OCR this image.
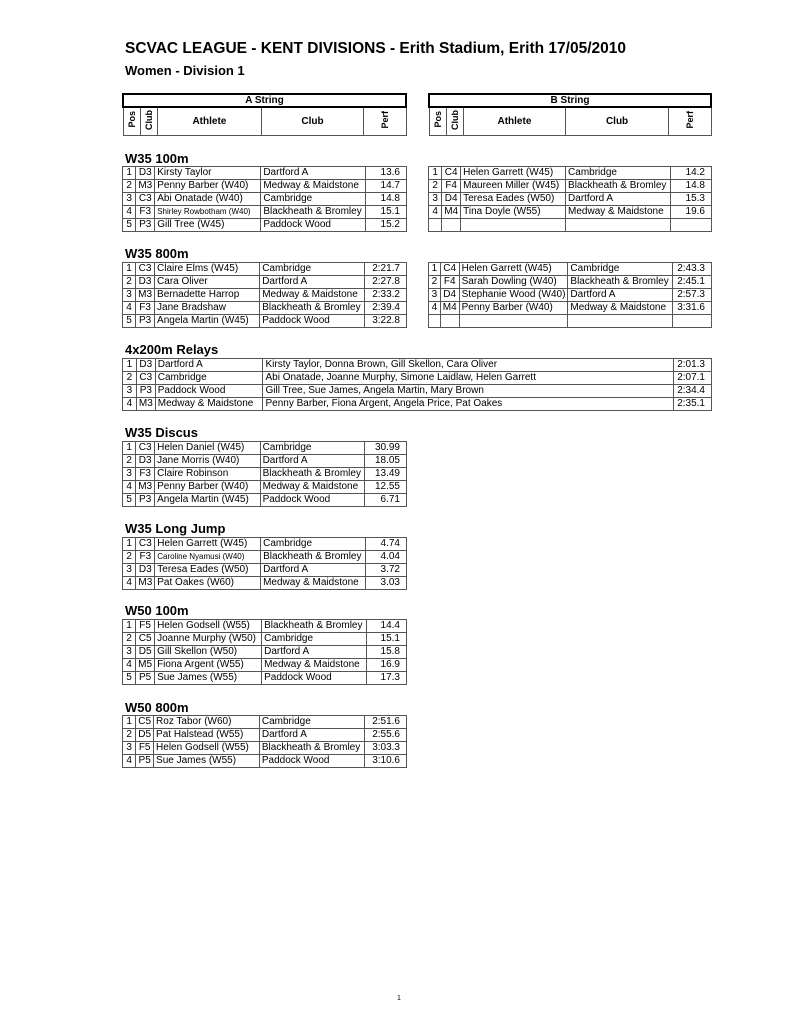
SCVAC LEAGUE - KENT DIVISIONS - Erith Stadium, Erith 17/05/2010
Women - Division 1
A String
Pos	Club	Athlete	Club	Perf
B String
Pos	Club	Athlete	Club	Perf
W35 100m
W35 800m
4x200m Relays
W35 Discus
W35 Long Jump
W50 100m
W50 800m
1	D3	Kirsty Taylor	Dartford A	13.6
2	M3	Penny Barber (W40)	Medway & Maidstone	14.7
3	C3	Abi Onatade (W40)	Cambridge	14.8
4	F3	Shirley Rowbotham (W40)	Blackheath & Bromley	15.1
5	P3	Gill Tree (W45)	Paddock Wood	15.2
1	C4	Helen Garrett (W45)	Cambridge	14.2
2	F4	Maureen Miller (W45)	Blackheath & Bromley	14.8
3	D4	Teresa Eades (W50)	Dartford A	15.3
4	M4	Tina Doyle (W55)	Medway & Maidstone	19.6

1	C3	Claire Elms (W45)	Cambridge	2:21.7
2	D3	Cara Oliver	Dartford A	2:27.8
3	M3	Bernadette Harrop	Medway & Maidstone	2:33.2
4	F3	Jane Bradshaw	Blackheath & Bromley	2:39.4
5	P3	Angela Martin (W45)	Paddock Wood	3:22.8
1	C4	Helen Garrett (W45)	Cambridge	2:43.3
2	F4	Sarah Dowling (W40)	Blackheath & Bromley	2:45.1
3	D4	Stephanie Wood (W40)	Dartford A	2:57.3
4	M4	Penny Barber (W40)	Medway & Maidstone	3:31.6

1	D3	Dartford A	Kirsty Taylor, Donna Brown, Gill Skellon, Cara Oliver	2:01.3
2	C3	Cambridge	Abi Onatade, Joanne Murphy, Simone Laidlaw, Helen Garrett	2:07.1
3	P3	Paddock Wood	Gill Tree, Sue James, Angela Martin, Mary Brown	2:34.4
4	M3	Medway & Maidstone	Penny Barber, Fiona Argent, Angela Price, Pat Oakes	2:35.1
1	C3	Helen Daniel (W45)	Cambridge	30.99
2	D3	Jane Morris (W40)	Dartford A	18.05
3	F3	Claire Robinson	Blackheath & Bromley	13.49
4	M3	Penny Barber (W40)	Medway & Maidstone	12.55
5	P3	Angela Martin (W45)	Paddock Wood	6.71
1	C3	Helen Garrett (W45)	Cambridge	4.74
2	F3	Caroline Nyamusi (W40)	Blackheath & Bromley	4.04
3	D3	Teresa Eades (W50)	Dartford A	3.72
4	M3	Pat Oakes (W60)	Medway & Maidstone	3.03
1	F5	Helen Godsell (W55)	Blackheath & Bromley	14.4
2	C5	Joanne Murphy (W50)	Cambridge	15.1
3	D5	Gill Skellon (W50)	Dartford A	15.8
4	M5	Fiona Argent (W55)	Medway & Maidstone	16.9
5	P5	Sue James (W55)	Paddock Wood	17.3
1	C5	Roz Tabor (W60)	Cambridge	2:51.6
2	D5	Pat Halstead (W55)	Dartford A	2:55.6
3	F5	Helen Godsell (W55)	Blackheath & Bromley	3:03.3
4	P5	Sue James (W55)	Paddock Wood	3:10.6
1
